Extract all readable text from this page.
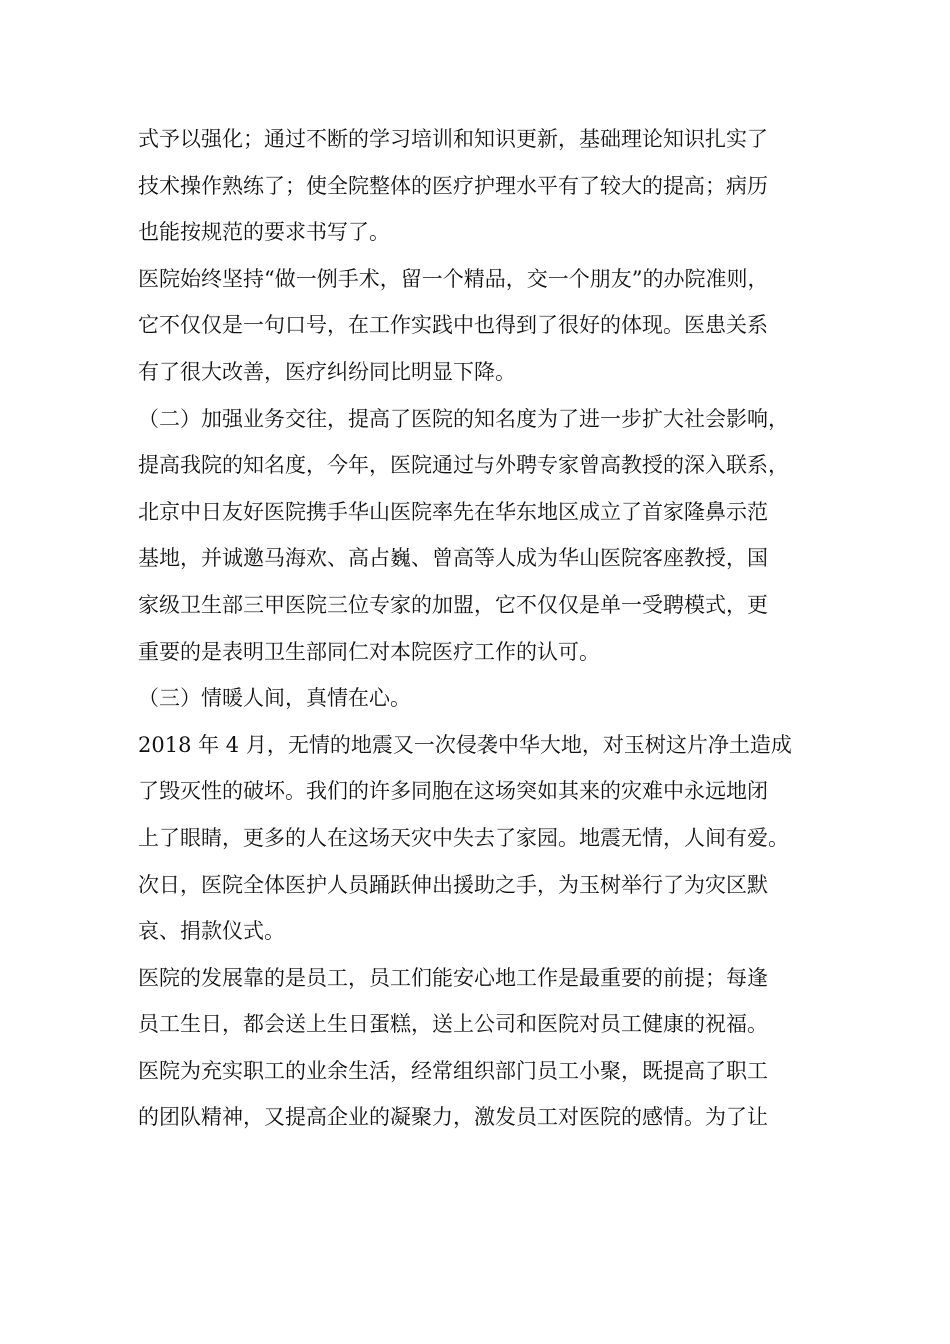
式予以强化；通过不断的学习培训和知识更新，基础理论知识扎实了
技术操作熟练了；使全院整体的医疗护理水平有了较大的提高；病历
也能按规范的要求书写了。
医院始终坚持“做一例手术，留一个精品，交一个朋友”的办院准则，
它不仅仅是一句口号，在工作实践中也得到了很好的体现。医患关系
有了很大改善，医疗纠纷同比明显下降。
（二）加强业务交往，提高了医院的知名度为了进一步扩大社会影响，
提高我院的知名度，今年，医院通过与外聘专家曾高教授的深入联系，
北京中日友好医院携手华山医院率先在华东地区成立了首家隆鼻示范
基地，并诚邀马海欢、高占巍、曾高等人成为华山医院客座教授，国
家级卫生部三甲医院三位专家的加盟，它不仅仅是单一受聘模式，更
重要的是表明卫生部同仁对本院医疗工作的认可。
（三）情暖人间，真情在心。
2018 年 4 月，无情的地震又一次侵袭中华大地，对玉树这片净土造成
了毁灭性的破坏。我们的许多同胞在这场突如其来的灾难中永远地闭
上了眼睛，更多的人在这场天灾中失去了家园。地震无情，人间有爱。
次日，医院全体医护人员踊跃伸出援助之手，为玉树举行了为灾区默
哀、捐款仪式。
医院的发展靠的是员工，员工们能安心地工作是最重要的前提；每逢
员工生日，都会送上生日蛋糕，送上公司和医院对员工健康的祝福。
医院为充实职工的业余生活，经常组织部门员工小聚，既提高了职工
的团队精神，又提高企业的凝聚力，激发员工对医院的感情。为了让
